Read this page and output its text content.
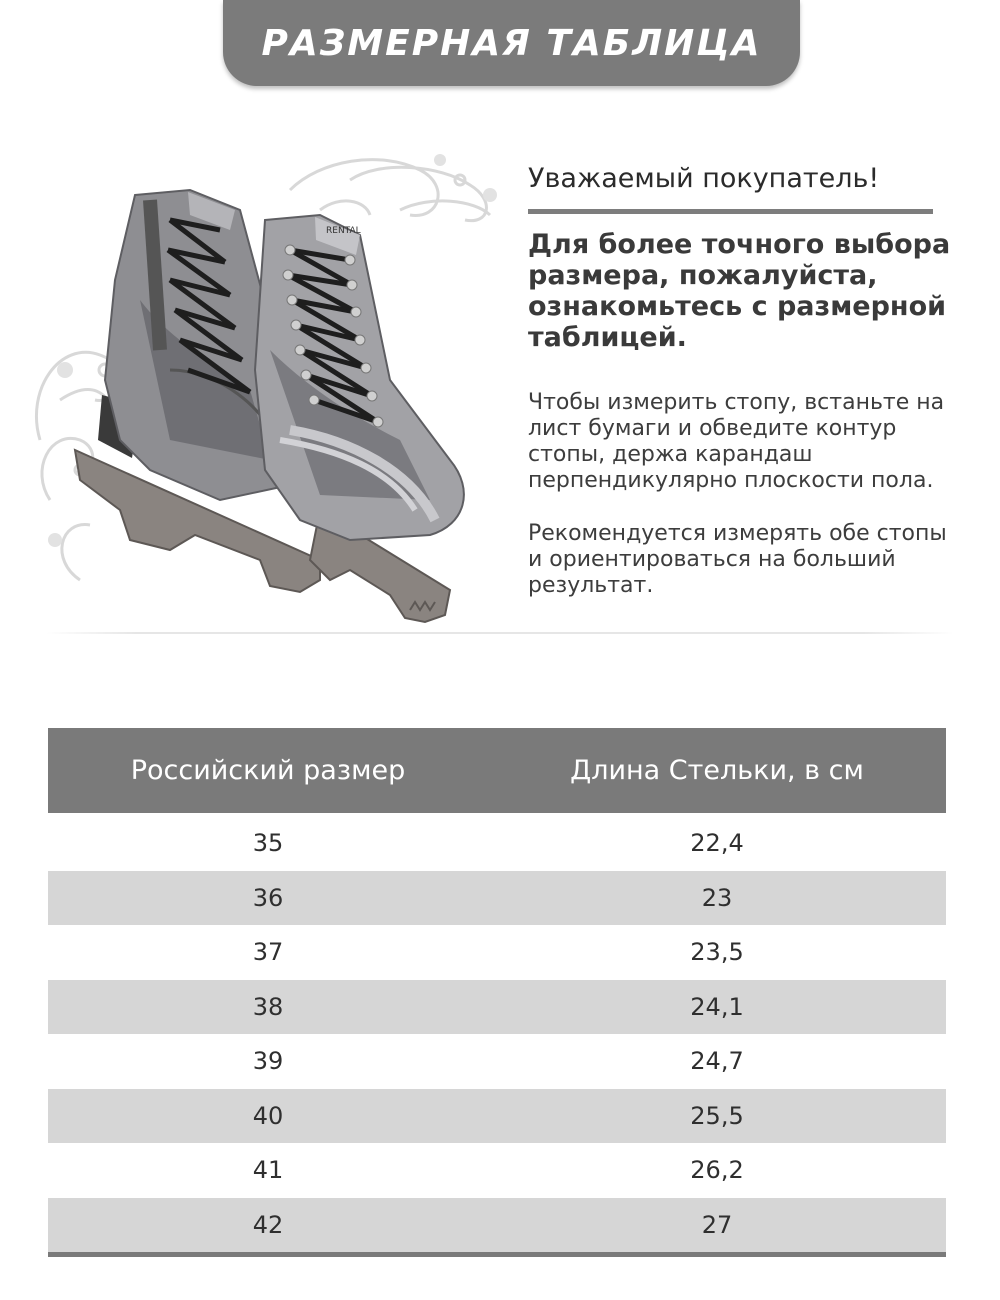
РАЗМЕРНАЯ ТАБЛИЦА
RENTAL
Уважаемый покупатель!
Для более точного выбора размера, пожалуйста, ознакомьтесь с размерной таблицей.
Чтобы измерить стопу, встаньте на лист бумаги и обведите контур стопы, держа карандаш перпендикулярно плоскости пола.
Рекомендуется измерять обе стопы и ориентироваться на больший результат.
Российский размер	Длина Стельки, в см
35	22,4
36	23
37	23,5
38	24,1
39	24,7
40	25,5
41	26,2
42	27
